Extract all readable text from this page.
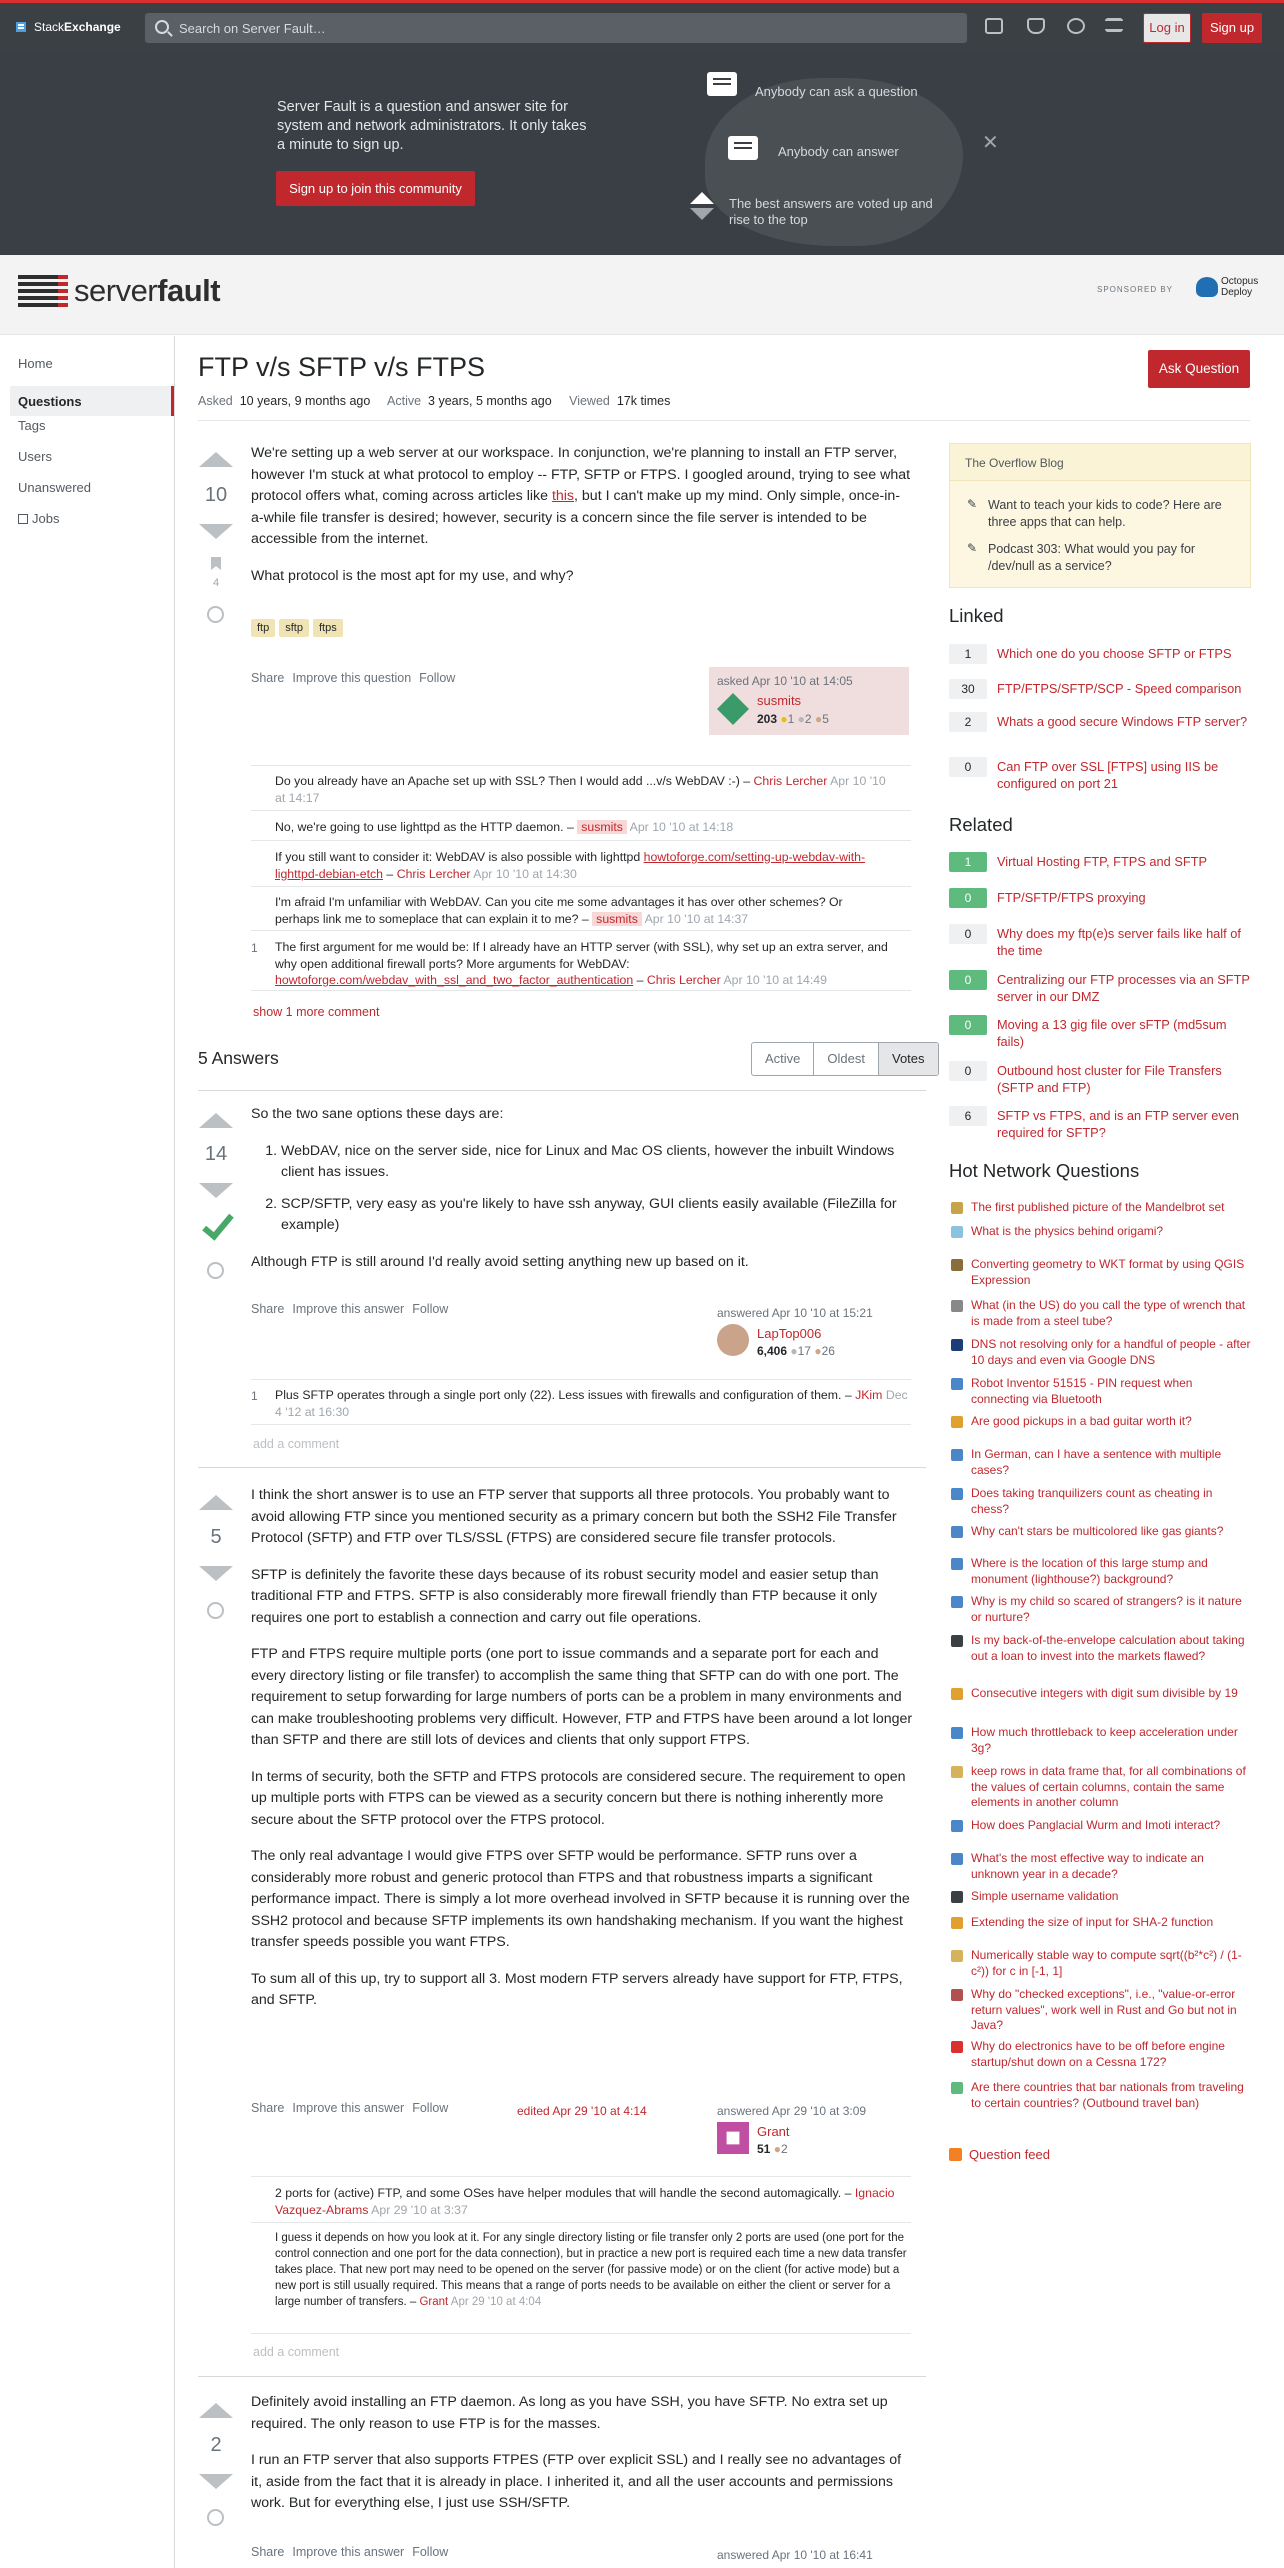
Stack Exchange	Search on Server Fault…	Log in	Sign up
Server Fault is a question and answer site for system and network administrators. It only takes a minute to sign up.
Sign up to join this community
Anybody can ask a question
Anybody can answer
The best answers are voted up and rise to the top
✕
serverfault	SPONSORED BY
Octopus
Deploy
Home
Questions
Tags
Users
Unanswered
Jobs
FTP v/s SFTP v/s FTPS	Ask Question
Asked 10 years, 9 months ago Active 3 years, 5 months ago Viewed 17k times
10
4

We're setting up a web server at our workspace. In conjunction, we're planning to install an FTP server, however I'm stuck at what protocol to employ -- FTP, SFTP or FTPS. I googled around, trying to see what protocol offers what, coming across articles like this, but I can't make up my mind. Only simple, once-in-a-while file transfer is desired; however, security is a concern since the file server is intended to be accessible from the internet.

What protocol is the most apt for my use, and why?

ftp sftp ftps
Share Improve this question Follow	asked Apr 10 '10 at 14:05
susmits
203 ●1 ●2 ●5
Do you already have an Apache set up with SSL? Then I would add ...v/s WebDAV :-) – Chris Lercher Apr 10 '10 at 14:17
No, we're going to use lighttpd as the HTTP daemon. – susmits Apr 10 '10 at 14:18
If you still want to consider it: WebDAV is also possible with lighttpd howtoforge.com/setting-up-webdav-with-lighttpd-debian-etch – Chris Lercher Apr 10 '10 at 14:30
I'm afraid I'm unfamiliar with WebDAV. Can you cite me some advantages it has over other schemes? Or perhaps link me to someplace that can explain it to me? – susmits Apr 10 '10 at 14:37
1 The first argument for me would be: If I already have an HTTP server (with SSL), why set up an extra server, and why open additional firewall ports? More arguments for WebDAV: howtoforge.com/webdav_with_ssl_and_two_factor_authentication – Chris Lercher Apr 10 '10 at 14:49
show 1 more comment
5 Answers	Active	Oldest	Votes
14

So the two sane options these days are:

1. WebDAV, nice on the server side, nice for Linux and Mac OS clients, however the inbuilt Windows client has issues.
2. SCP/SFTP, very easy as you're likely to have ssh anyway, GUI clients easily available (FileZilla for example)

Although FTP is still around I'd really avoid setting anything new up based on it.

Share Improve this answer Follow	answered Apr 10 '10 at 15:21
LapTop006
6,406 ●17 ●26
1 Plus SFTP operates through a single port only (22). Less issues with firewalls and configuration of them. – JKim Dec 4 '12 at 16:30
add a comment
5

I think the short answer is to use an FTP server that supports all three protocols. You probably want to avoid allowing FTP since you mentioned security as a primary concern but both the SSH2 File Transfer Protocol (SFTP) and FTP over TLS/SSL (FTPS) are considered secure file transfer protocols.

SFTP is definitely the favorite these days because of its robust security model and easier setup than traditional FTP and FTPS. SFTP is also considerably more firewall friendly than FTP because it only requires one port to establish a connection and carry out file operations.

FTP and FTPS require multiple ports (one port to issue commands and a separate port for each and every directory listing or file transfer) to accomplish the same thing that SFTP can do with one port. The requirement to setup forwarding for large numbers of ports can be a problem in many environments and can make troubleshooting problems very difficult. However, FTP and FTPS have been around a lot longer than SFTP and there are still lots of devices and clients that only support FTPS.

In terms of security, both the SFTP and FTPS protocols are considered secure. The requirement to open up multiple ports with FTPS can be viewed as a security concern but there is nothing inherently more secure about the SFTP protocol over the FTPS protocol.

The only real advantage I would give FTPS over SFTP would be performance. SFTP runs over a considerably more robust and generic protocol than FTPS and that robustness imparts a significant performance impact. There is simply a lot more overhead involved in SFTP because it is running over the SSH2 protocol and because SFTP implements its own handshaking mechanism. If you want the highest transfer speeds possible you want FTPS.

To sum all of this up, try to support all 3. Most modern FTP servers already have support for FTP, FTPS, and SFTP.

Share Improve this answer Follow	edited Apr 29 '10 at 4:14	answered Apr 29 '10 at 3:09
Grant
51 ●2
2 ports for (active) FTP, and some OSes have helper modules that will handle the second automagically. – Ignacio Vazquez-Abrams Apr 29 '10 at 3:37
I guess it depends on how you look at it. For any single directory listing or file transfer only 2 ports are used (one port for the control connection and one port for the data connection), but in practice a new port is required each time a new data transfer takes place. That new port may need to be opened on the server (for passive mode) or on the client (for active mode) but a new port is still usually required. This means that a range of ports needs to be available on either the client or server for a large number of transfers. – Grant Apr 29 '10 at 4:04
add a comment
2

Definitely avoid installing an FTP daemon. As long as you have SSH, you have SFTP. No extra set up required. The only reason to use FTP is for the masses.

I run an FTP server that also supports FTPES (FTP over explicit SSL) and I really see no advantages of it, aside from the fact that it is already in place. I inherited it, and all the user accounts and permissions work. But for everything else, I just use SSH/SFTP.

Share Improve this answer Follow	answered Apr 10 '10 at 16:41
The Overflow Blog
✎ Want to teach your kids to code? Here are three apps that can help.
✎ Podcast 303: What would you pay for /dev/null as a service?
Linked
1	Which one do you choose SFTP or FTPS
30	FTP/FTPS/SFTP/SCP - Speed comparison
2	Whats a good secure Windows FTP server?
0	Can FTP over SSL [FTPS] using IIS be configured on port 21
Related
1	Virtual Hosting FTP, FTPS and SFTP
0	FTP/SFTP/FTPS proxying
0	Why does my ftp(e)s server fails like half of the time
0	Centralizing our FTP processes via an SFTP server in our DMZ
0	Moving a 13 gig file over sFTP (md5sum fails)
0	Outbound host cluster for File Transfers (SFTP and FTP)
6	SFTP vs FTPS, and is an FTP server even required for SFTP?
Hot Network Questions
Question feed
The first published picture of the Mandelbrot set
What is the physics behind origami?
Converting geometry to WKT format by using QGIS Expression
What (in the US) do you call the type of wrench that is made from a steel tube?
DNS not resolving only for a handful of people - after 10 days and even via Google DNS
Robot Inventor 51515 - PIN request when connecting via Bluetooth
Are good pickups in a bad guitar worth it?
In German, can I have a sentence with multiple cases?
Does taking tranquilizers count as cheating in chess?
Why can't stars be multicolored like gas giants?
Where is the location of this large stump and monument (lighthouse?) background?
Why is my child so scared of strangers? is it nature or nurture?
Is my back-of-the-envelope calculation about taking out a loan to invest into the markets flawed?
Consecutive integers with digit sum divisible by 19
How much throttleback to keep acceleration under 3g?
keep rows in data frame that, for all combinations of the values of certain columns, contain the same elements in another column
How does Panglacial Wurm and Imoti interact?
What's the most effective way to indicate an unknown year in a decade?
Simple username validation
Extending the size of input for SHA-2 function
Numerically stable way to compute sqrt((b²*c²) / (1-c²)) for c in [-1, 1]
Why do "checked exceptions", i.e., "value-or-error return values", work well in Rust and Go but not in Java?
Why do electronics have to be off before engine startup/shut down on a Cessna 172?
Are there countries that bar nationals from traveling to certain countries? (Outbound travel ban)
